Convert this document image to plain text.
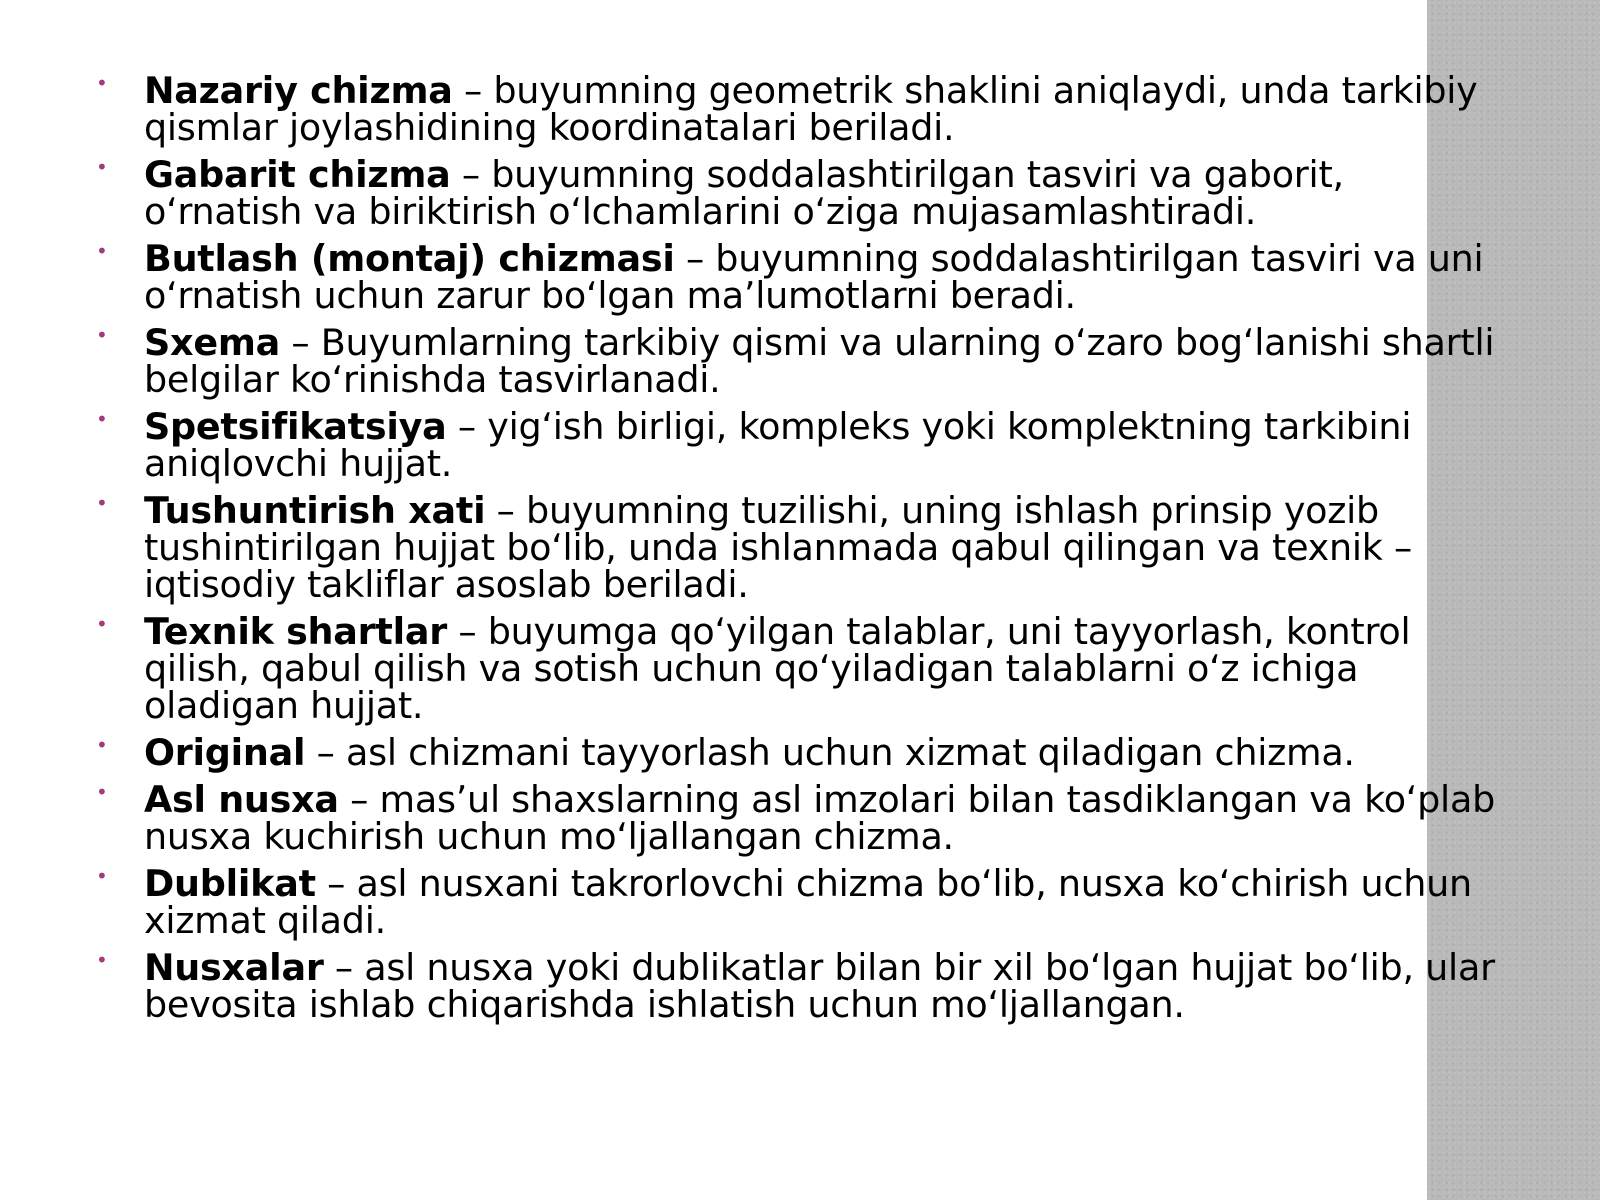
• Nazariy chizma – buyumning geometrik shaklini aniqlaydi, unda tarkibiy qismlar joylashidining koordinatalari beriladi.
• Gabarit chizma – buyumning soddalashtirilgan tasviri va gaborit, oʻrnatish va biriktirish oʻlchamlarini oʻziga mujasamlashtiradi.
• Butlash (montaj) chizmasi – buyumning soddalashtirilgan tasviri va uni oʻrnatish uchun zarur boʻlgan maʼlumotlarni beradi.
• Sxema – Buyumlarning tarkibiy qismi va ularning oʻzaro bogʻlanishi shartli belgilar koʻrinishda tasvirlanadi.
• Spetsifikatsiya – yigʻish birligi, kompleks yoki komplektning tarkibini aniqlovchi hujjat.
• Tushuntirish xati – buyumning tuzilishi, uning ishlash prinsip yozib tushintirilgan hujjat boʻlib, unda ishlanmada qabul qilingan va texnik – iqtisodiy takliflar asoslab beriladi.
• Texnik shartlar – buyumga qoʻyilgan talablar, uni tayyorlash, kontrol qilish, qabul qilish va sotish uchun qoʻyiladigan talablarni oʻz ichiga oladigan hujjat.
• Original – asl chizmani tayyorlash uchun xizmat qiladigan chizma.
• Asl nusxa – masʼul shaxslarning asl imzolari bilan tasdiklangan va koʻplab nusxa kuchirish uchun moʻljallangan chizma.
• Dublikat – asl nusxani takrorlovchi chizma boʻlib, nusxa koʻchirish uchun xizmat qiladi.
• Nusxalar – asl nusxa yoki dublikatlar bilan bir xil boʻlgan hujjat boʻlib, ular bevosita ishlab chiqarishda ishlatish uchun moʻljallangan.
